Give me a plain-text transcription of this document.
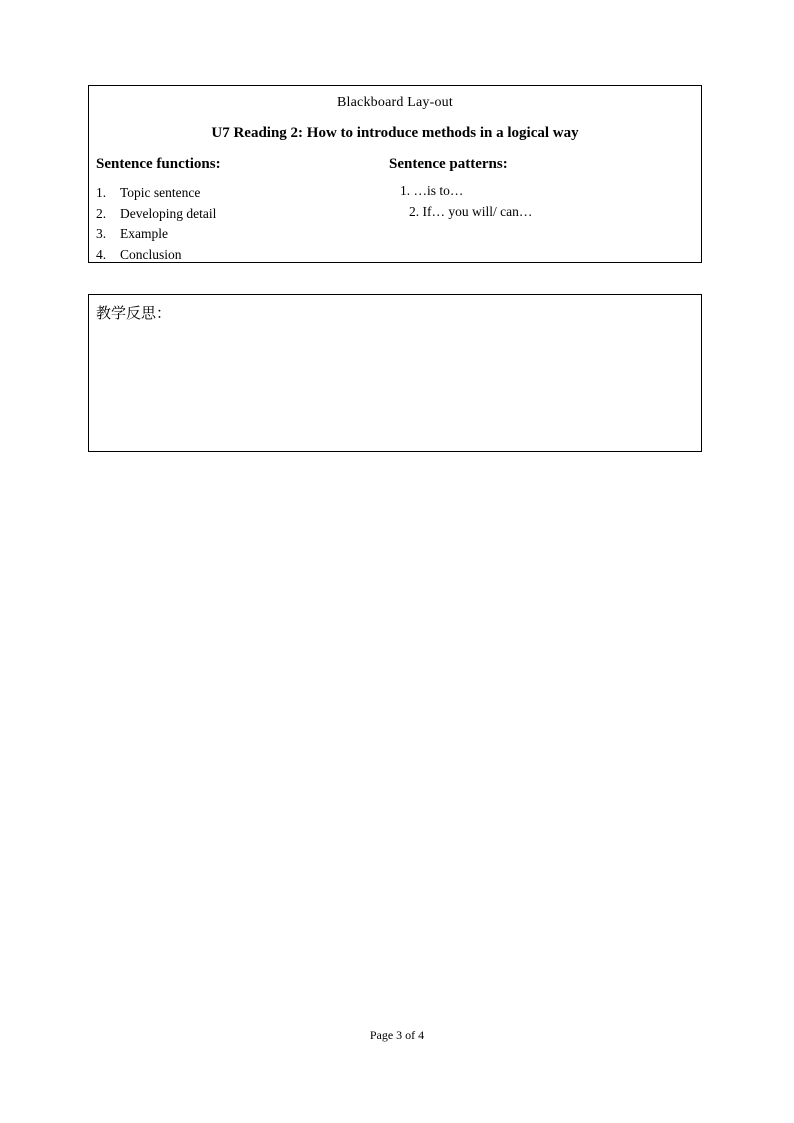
Blackboard Lay-out
U7 Reading 2: How to introduce methods in a logical way
Sentence functions:	Sentence patterns:
1. Topic sentence
2. Developing detail
3. Example
4. Conclusion
1. …is to…
2. If… you will/ can…
教学反思：
Page 3 of 4
